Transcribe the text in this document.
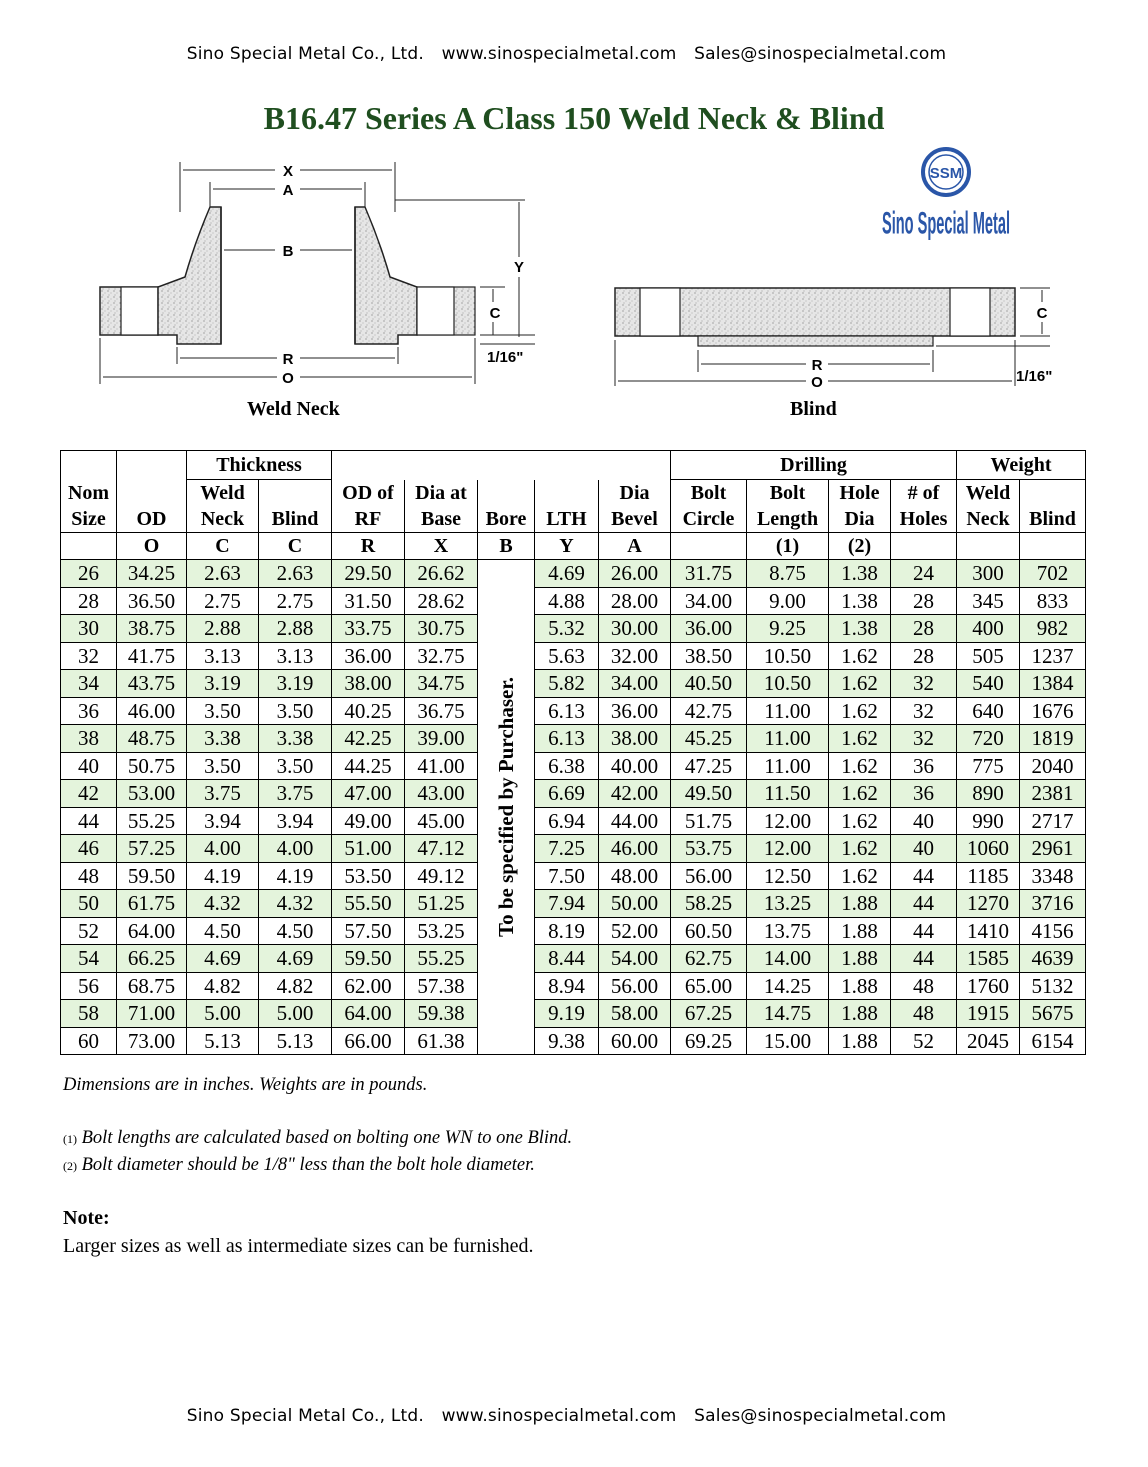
Sino Special Metal Co., Ltd. www.sinospecialmetal.com Sales@sinospecialmetal.com
B16.47 Series A Class 150 Weld Neck & Blind
SSM
Sino Special Metal
X
A
B
Y
C
1/16"
R
O
Weld Neck
C
1/16"
R
O
Blind
		Thickness							Drilling				Weight	
Nom		Weld		OD of	Dia at			Dia	Bolt	Bolt	Hole	# of	Weld	
Size	OD	Neck	Blind	RF	Base	Bore	LTH	Bevel	Circle	Length	Dia	Holes	Neck	Blind
	O	C	C	R	X	B	Y	A		(1)	(2)			
26	34.25	2.63	2.63	29.50	26.62	To be specified by Purchaser.	4.69	26.00	31.75	8.75	1.38	24	300	702
28	36.50	2.75	2.75	31.50	28.62		4.88	28.00	34.00	9.00	1.38	28	345	833
30	38.75	2.88	2.88	33.75	30.75		5.32	30.00	36.00	9.25	1.38	28	400	982
32	41.75	3.13	3.13	36.00	32.75		5.63	32.00	38.50	10.50	1.62	28	505	1237
34	43.75	3.19	3.19	38.00	34.75		5.82	34.00	40.50	10.50	1.62	32	540	1384
36	46.00	3.50	3.50	40.25	36.75		6.13	36.00	42.75	11.00	1.62	32	640	1676
38	48.75	3.38	3.38	42.25	39.00		6.13	38.00	45.25	11.00	1.62	32	720	1819
40	50.75	3.50	3.50	44.25	41.00		6.38	40.00	47.25	11.00	1.62	36	775	2040
42	53.00	3.75	3.75	47.00	43.00		6.69	42.00	49.50	11.50	1.62	36	890	2381
44	55.25	3.94	3.94	49.00	45.00		6.94	44.00	51.75	12.00	1.62	40	990	2717
46	57.25	4.00	4.00	51.00	47.12		7.25	46.00	53.75	12.00	1.62	40	1060	2961
48	59.50	4.19	4.19	53.50	49.12		7.50	48.00	56.00	12.50	1.62	44	1185	3348
50	61.75	4.32	4.32	55.50	51.25		7.94	50.00	58.25	13.25	1.88	44	1270	3716
52	64.00	4.50	4.50	57.50	53.25		8.19	52.00	60.50	13.75	1.88	44	1410	4156
54	66.25	4.69	4.69	59.50	55.25		8.44	54.00	62.75	14.00	1.88	44	1585	4639
56	68.75	4.82	4.82	62.00	57.38		8.94	56.00	65.00	14.25	1.88	48	1760	5132
58	71.00	5.00	5.00	64.00	59.38		9.19	58.00	67.25	14.75	1.88	48	1915	5675
60	73.00	5.13	5.13	66.00	61.38		9.38	60.00	69.25	15.00	1.88	52	2045	6154
Dimensions are in inches. Weights are in pounds.
(1) Bolt lengths are calculated based on bolting one WN to one Blind.
(2) Bolt diameter should be 1/8" less than the bolt hole diameter.
Note:
Larger sizes as well as intermediate sizes can be furnished.
Sino Special Metal Co., Ltd. www.sinospecialmetal.com Sales@sinospecialmetal.com
